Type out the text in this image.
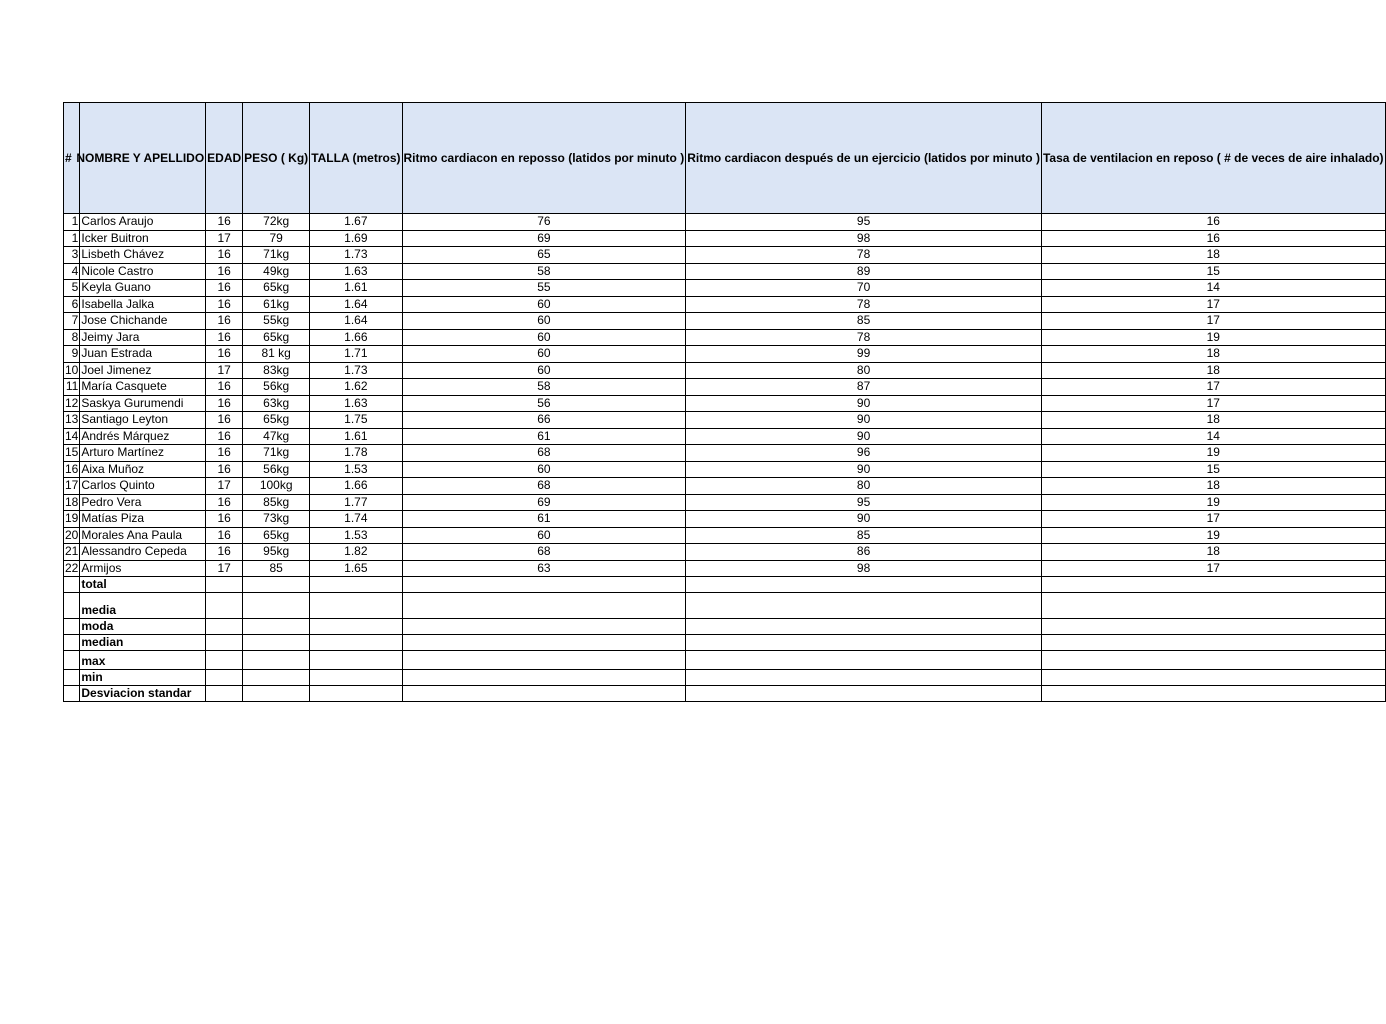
#	NOMBRE Y APELLIDO	EDAD	PESO ( Kg)	TALLA (metros)	Ritmo cardiacon en reposso (latidos por minuto )	Ritmo cardiacon después de un ejercicio (latidos por minuto )	Tasa de ventilacion en reposo ( # de veces de aire inhalado)

1	Carlos Araujo	16	72kg	1.67	76	95	16
1	Icker Buitron	17	79	1.69	69	98	16
3	Lisbeth Chávez	16	71kg	1.73	65	78	18
4	Nicole Castro	16	49kg	1.63	58	89	15
5	Keyla Guano	16	65kg	1.61	55	70	14
6	Isabella Jalka	16	61kg	1.64	60	78	17
7	Jose Chichande	16	55kg	1.64	60	85	17
8	Jeimy Jara	16	65kg	1.66	60	78	19
9	Juan Estrada	16	81 kg	1.71	60	99	18
10	Joel Jimenez	17	83kg	1.73	60	80	18
11	María Casquete	16	56kg	1.62	58	87	17
12	Saskya Gurumendi	16	63kg	1.63	56	90	17
13	Santiago Leyton	16	65kg	1.75	66	90	18
14	Andrés Márquez	16	47kg	1.61	61	90	14
15	Arturo Martínez	16	71kg	1.78	68	96	19
16	Aixa Muñoz	16	56kg	1.53	60	90	15
17	Carlos Quinto	17	100kg	1.66	68	80	18
18	Pedro Vera	16	85kg	1.77	69	95	19
19	Matías Piza	16	73kg	1.74	61	90	17
20	Morales Ana Paula	16	65kg	1.53	60	85	19
21	Alessandro Cepeda	16	95kg	1.82	68	86	18
22	Armijos	17	85	1.65	63	98	17
	total						
	media						
	moda						
	median						
	max						
	min						
	Desviacion standar						
